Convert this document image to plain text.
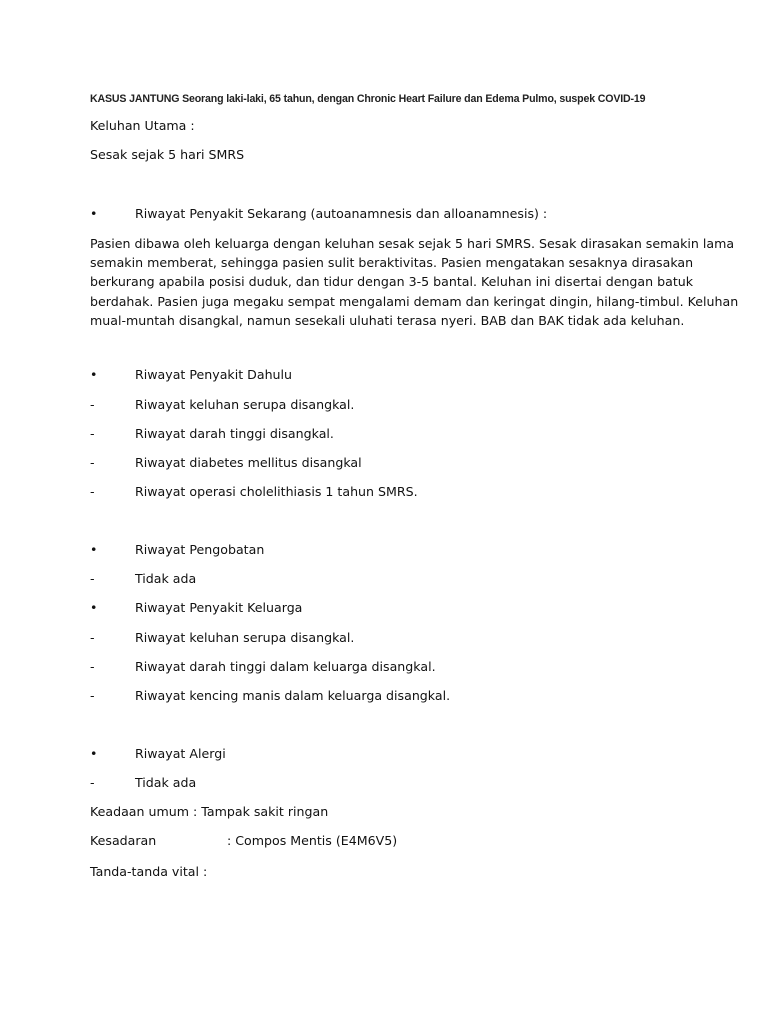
KASUS JANTUNG Seorang laki-laki, 65 tahun, dengan Chronic Heart Failure dan Edema Pulmo, suspek COVID-19
Keluhan Utama :
Sesak sejak 5 hari SMRS
•	Riwayat Penyakit Sekarang (autoanamnesis dan alloanamnesis) :
Pasien dibawa oleh keluarga dengan keluhan sesak sejak 5 hari SMRS. Sesak dirasakan semakin lama
semakin memberat, sehingga pasien sulit beraktivitas. Pasien mengatakan sesaknya dirasakan
berkurang apabila posisi duduk, dan tidur dengan 3-5 bantal. Keluhan ini disertai dengan batuk
berdahak. Pasien juga megaku sempat mengalami demam dan keringat dingin, hilang-timbul. Keluhan
mual-muntah disangkal, namun sesekali uluhati terasa nyeri. BAB dan BAK tidak ada keluhan.
•	Riwayat Penyakit Dahulu
-	Riwayat keluhan serupa disangkal.
-	Riwayat darah tinggi disangkal.
-	Riwayat diabetes mellitus disangkal
-	Riwayat operasi cholelithiasis 1 tahun SMRS.
•	Riwayat Pengobatan
-	Tidak ada
•	Riwayat Penyakit Keluarga
-	Riwayat keluhan serupa disangkal.
-	Riwayat darah tinggi dalam keluarga disangkal.
-	Riwayat kencing manis dalam keluarga disangkal.
•	Riwayat Alergi
-	Tidak ada
Keadaan umum : Tampak sakit ringan
Kesadaran	: Compos Mentis (E4M6V5)
Tanda-tanda vital :
